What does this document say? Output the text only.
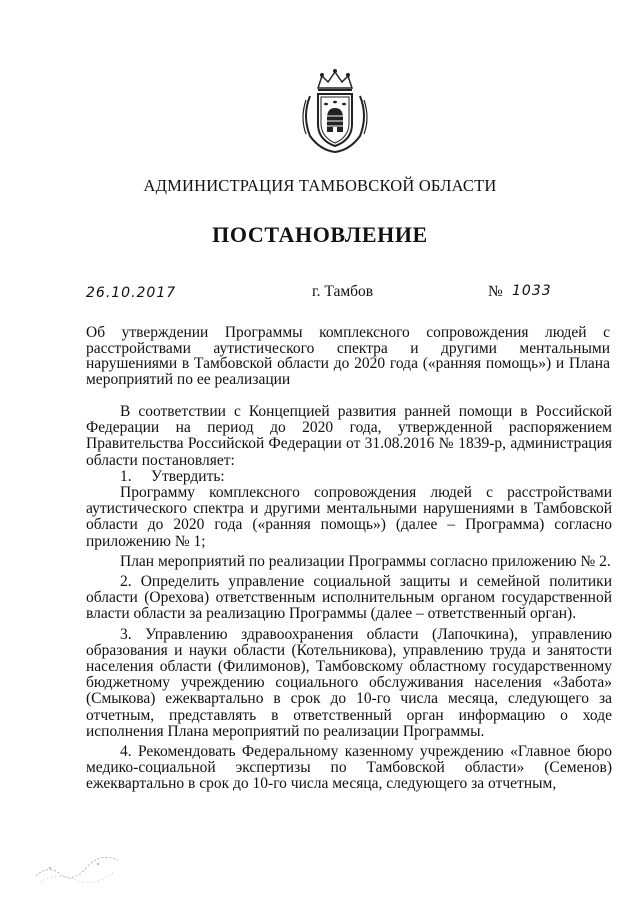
АДМИНИСТРАЦИЯ ТАМБОВСКОЙ ОБЛАСТИ
ПОСТАНОВЛЕНИЕ
26.10.2017	г. Тамбов	№ 1033
Об утверждении Программы комплексного сопровождения людей с расстройствами аутистического спектра и другими ментальными нарушениями в Тамбовской области до 2020 года («ранняя помощь») и Плана мероприятий по ее реализации

В соответствии с Концепцией развития ранней помощи в Российской Федерации на период до 2020 года, утвержденной распоряжением Правительства Российской Федерации от 31.08.2016 № 1839-р, администрация области постановляет:

1.     Утвердить:

Программу комплексного сопровождения людей с расстройствами аутистического спектра и другими ментальными нарушениями в Тамбовской области до 2020 года («ранняя помощь») (далее – Программа) согласно приложению № 1;

План мероприятий по реализации Программы согласно приложению № 2.

2. Определить управление социальной защиты и семейной политики области (Орехова) ответственным исполнительным органом государственной власти области за реализацию Программы (далее – ответственный орган).

3. Управлению здравоохранения области (Лапочкина), управлению образования и науки области (Котельникова), управлению труда и занятости населения области (Филимонов), Тамбовскому областному государственному бюджетному учреждению социального обслуживания населения «Забота» (Смыкова) ежеквартально в срок до 10-го числа месяца, следующего за отчетным, представлять в ответственный орган информацию о ходе исполнения Плана мероприятий по реализации Программы.

4. Рекомендовать Федеральному казенному учреждению «Главное бюро медико-социальной экспертизы по Тамбовской области» (Семенов) ежеквартально в срок до 10-го числа месяца, следующего за отчетным,
